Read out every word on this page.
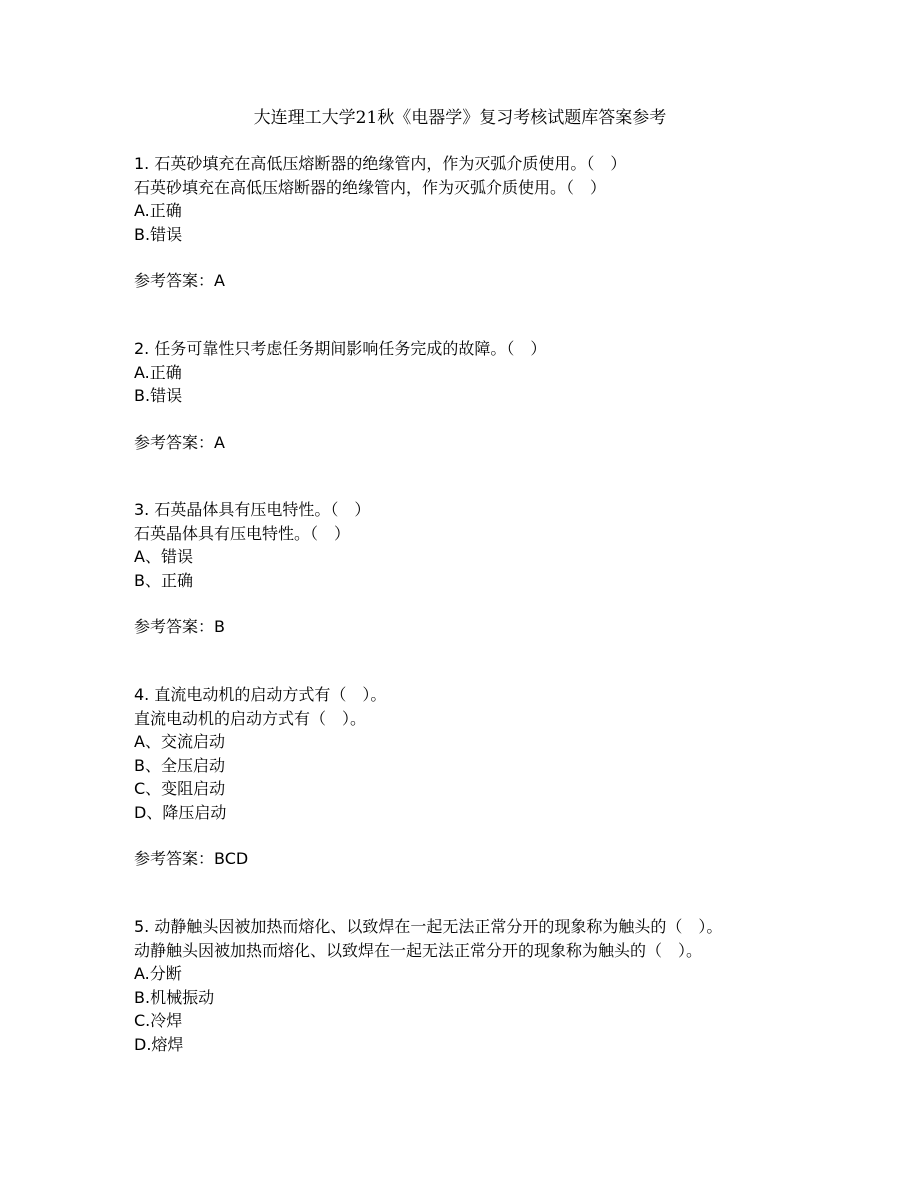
大连理工大学21秋《电器学》复习考核试题库答案参考
1. 石英砂填充在高低压熔断器的绝缘管内，作为灭弧介质使用。（　）
石英砂填充在高低压熔断器的绝缘管内，作为灭弧介质使用。（　）
A.正确
B.错误
参考答案：A
2. 任务可靠性只考虑任务期间影响任务完成的故障。（　）
A.正确
B.错误
参考答案：A
3. 石英晶体具有压电特性。（　）
石英晶体具有压电特性。（　）
A、错误
B、正确
参考答案：B
4. 直流电动机的启动方式有（　）。
直流电动机的启动方式有（　）。
A、交流启动
B、全压启动
C、变阻启动
D、降压启动
参考答案：BCD
5. 动静触头因被加热而熔化、以致焊在一起无法正常分开的现象称为触头的（　）。
动静触头因被加热而熔化、以致焊在一起无法正常分开的现象称为触头的（　）。
A.分断
B.机械振动
C.冷焊
D.熔焊
